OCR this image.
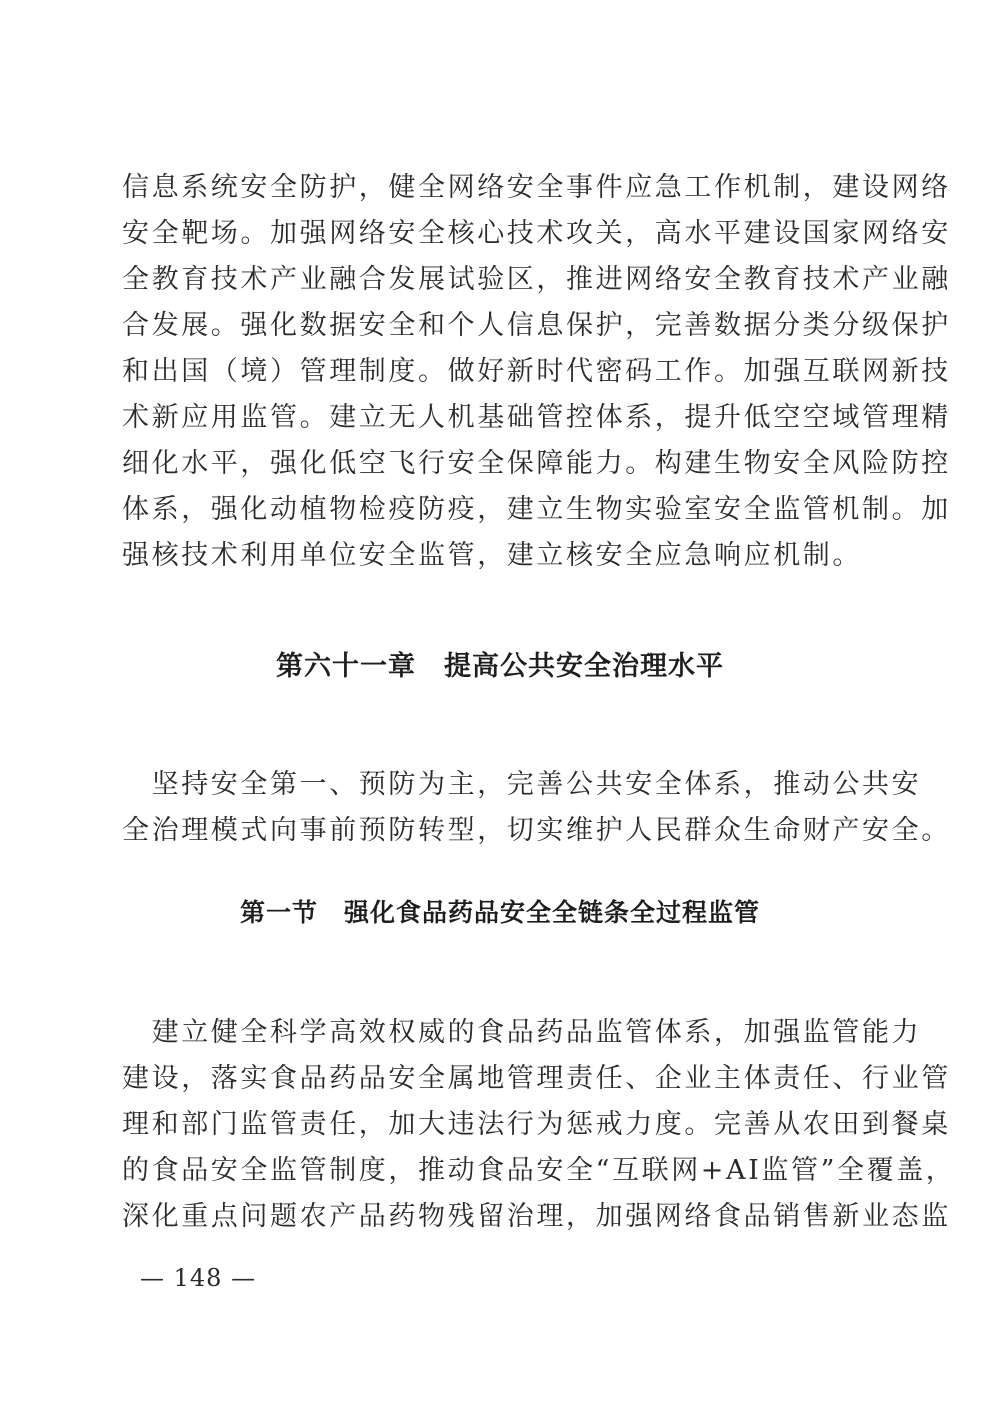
信息系统安全防护，健全网络安全事件应急工作机制，建设网络
安全靶场。加强网络安全核心技术攻关，高水平建设国家网络安
全教育技术产业融合发展试验区，推进网络安全教育技术产业融
合发展。强化数据安全和个人信息保护，完善数据分类分级保护
和出国（境）管理制度。做好新时代密码工作。加强互联网新技
术新应用监管。建立无人机基础管控体系，提升低空空域管理精
细化水平，强化低空飞行安全保障能力。构建生物安全风险防控
体系，强化动植物检疫防疫，建立生物实验室安全监管机制。加
强核技术利用单位安全监管，建立核安全应急响应机制。
第六十一章　提高公共安全治理水平
　坚持安全第一、预防为主，完善公共安全体系，推动公共安
全治理模式向事前预防转型，切实维护人民群众生命财产安全。
第一节　强化食品药品安全全链条全过程监管
　建立健全科学高效权威的食品药品监管体系，加强监管能力
建设，落实食品药品安全属地管理责任、企业主体责任、行业管
理和部门监管责任，加大违法行为惩戒力度。完善从农田到餐桌
的食品安全监管制度，推动食品安全“互联网+AI监管”全覆盖，
深化重点问题农产品药物残留治理，加强网络食品销售新业态监
— 148 —
